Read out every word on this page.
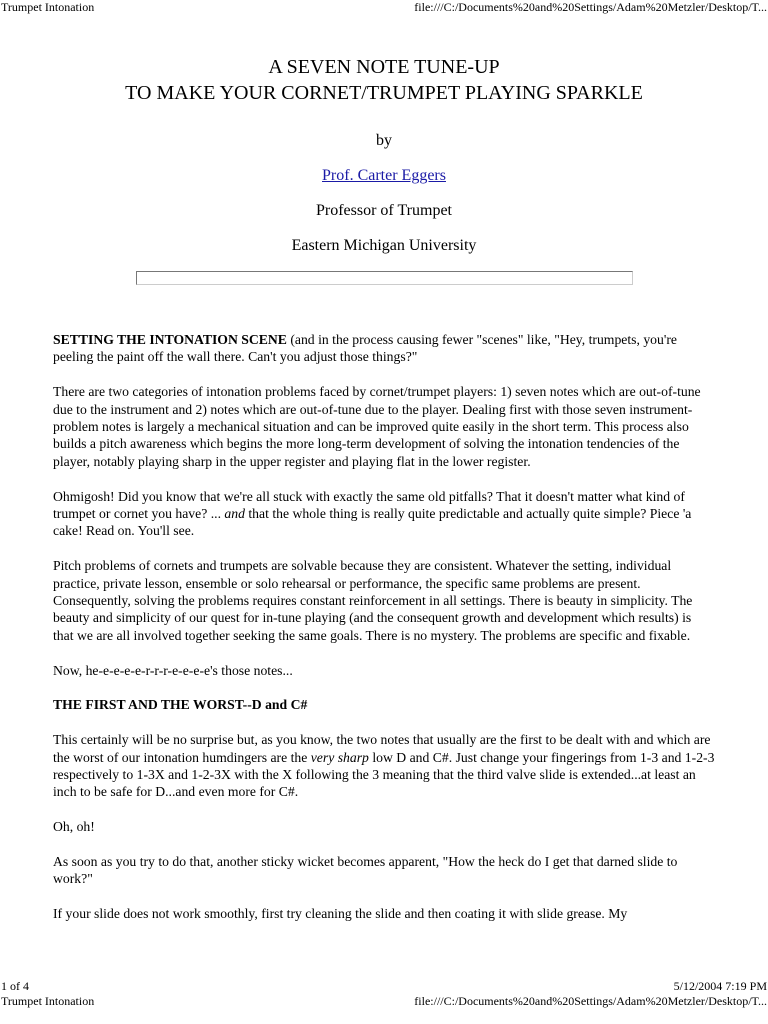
Trumpet Intonation	file:///C:/Documents%20and%20Settings/Adam%20Metzler/Desktop/T...
A SEVEN NOTE TUNE-UP
TO MAKE YOUR CORNET/TRUMPET PLAYING SPARKLE
by
Prof. Carter Eggers
Professor of Trumpet
Eastern Michigan University

SETTING THE INTONATION SCENE (and in the process causing fewer "scenes" like, "Hey, trumpets, you're peeling the paint off the wall there. Can't you adjust those things?"

There are two categories of intonation problems faced by cornet/trumpet players: 1) seven notes which are out-of-tune due to the instrument and 2) notes which are out-of-tune due to the player. Dealing first with those seven instrument-problem notes is largely a mechanical situation and can be improved quite easily in the short term. This process also builds a pitch awareness which begins the more long-term development of solving the intonation tendencies of the player, notably playing sharp in the upper register and playing flat in the lower register.

Ohmigosh! Did you know that we're all stuck with exactly the same old pitfalls? That it doesn't matter what kind of trumpet or cornet you have? ... and that the whole thing is really quite predictable and actually quite simple? Piece 'a cake! Read on. You'll see.

Pitch problems of cornets and trumpets are solvable because they are consistent. Whatever the setting, individual practice, private lesson, ensemble or solo rehearsal or performance, the specific same problems are present. Consequently, solving the problems requires constant reinforcement in all settings. There is beauty in simplicity. The beauty and simplicity of our quest for in-tune playing (and the consequent growth and development which results) is that we are all involved together seeking the same goals. There is no mystery. The problems are specific and fixable.

Now, he-e-e-e-e-r-r-r-e-e-e-e's those notes...

THE FIRST AND THE WORST--D and C#

This certainly will be no surprise but, as you know, the two notes that usually are the first to be dealt with and which are the worst of our intonation humdingers are the very sharp low D and C#. Just change your fingerings from 1-3 and 1-2-3 respectively to 1-3X and 1-2-3X with the X following the 3 meaning that the third valve slide is extended...at least an inch to be safe for D...and even more for C#.

Oh, oh!

As soon as you try to do that, another sticky wicket becomes apparent, "How the heck do I get that darned slide to work?"

If your slide does not work smoothly, first try cleaning the slide and then coating it with slide grease. My

1 of 4	5/12/2004 7:19 PM
Trumpet Intonation	file:///C:/Documents%20and%20Settings/Adam%20Metzler/Desktop/T...
